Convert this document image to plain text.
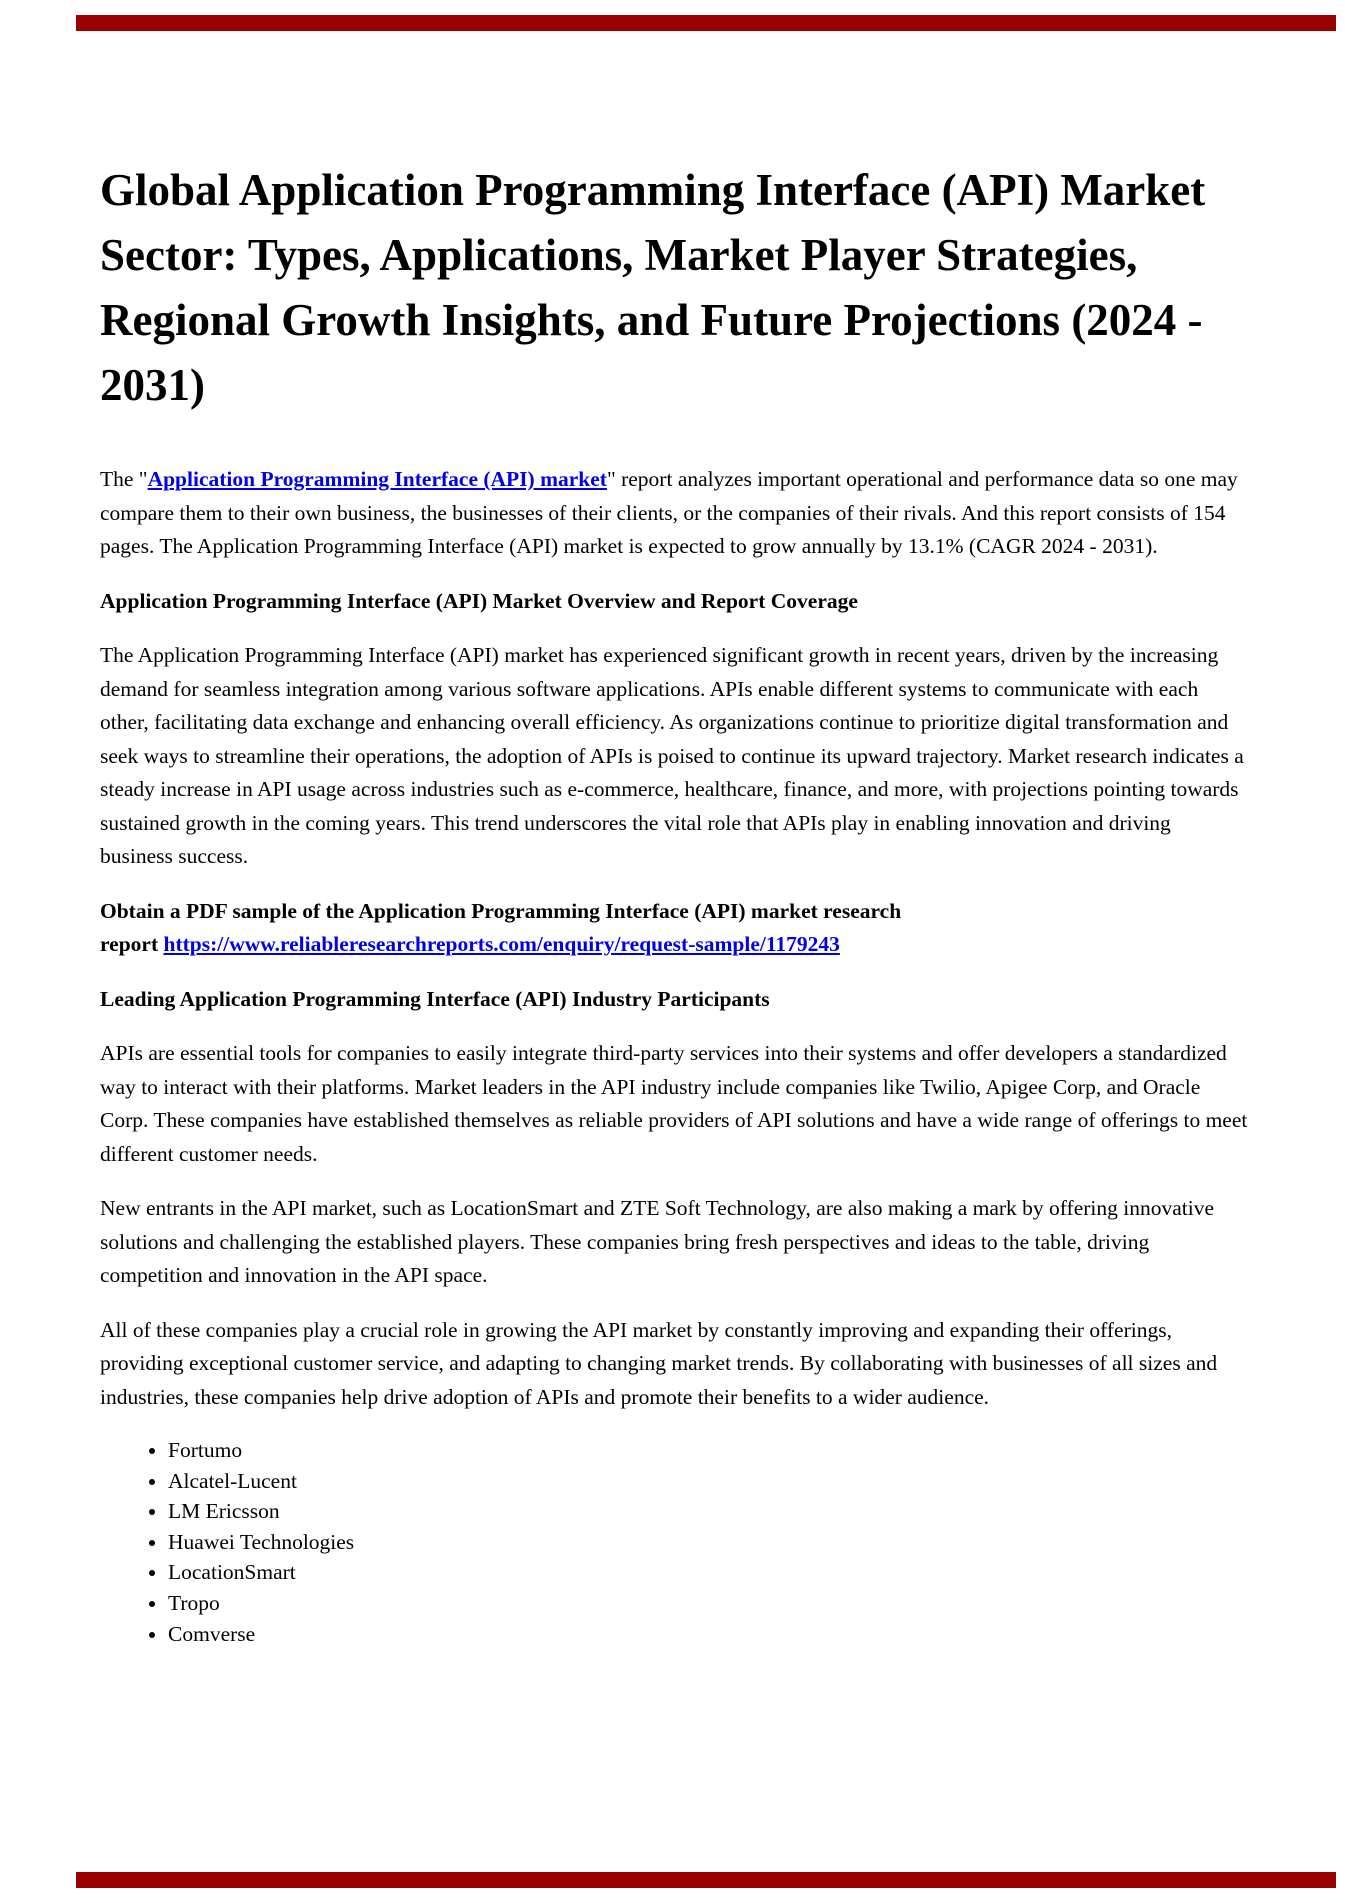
Global Application Programming Interface (API) Market Sector: Types, Applications, Market Player Strategies, Regional Growth Insights, and Future Projections (2024 - 2031)

The "Application Programming Interface (API) market" report analyzes important operational and performance data so one may compare them to their own business, the businesses of their clients, or the companies of their rivals. And this report consists of 154 pages. The Application Programming Interface (API) market is expected to grow annually by 13.1% (CAGR 2024 - 2031).

Application Programming Interface (API) Market Overview and Report Coverage

The Application Programming Interface (API) market has experienced significant growth in recent years, driven by the increasing demand for seamless integration among various software applications. APIs enable different systems to communicate with each other, facilitating data exchange and enhancing overall efficiency. As organizations continue to prioritize digital transformation and seek ways to streamline their operations, the adoption of APIs is poised to continue its upward trajectory. Market research indicates a steady increase in API usage across industries such as e-commerce, healthcare, finance, and more, with projections pointing towards sustained growth in the coming years. This trend underscores the vital role that APIs play in enabling innovation and driving business success.

Obtain a PDF sample of the Application Programming Interface (API) market research
report https://www.reliableresearchreports.com/enquiry/request-sample/1179243

Leading Application Programming Interface (API) Industry Participants

APIs are essential tools for companies to easily integrate third-party services into their systems and offer developers a standardized way to interact with their platforms. Market leaders in the API industry include companies like Twilio, Apigee Corp, and Oracle Corp. These companies have established themselves as reliable providers of API solutions and have a wide range of offerings to meet different customer needs.

New entrants in the API market, such as LocationSmart and ZTE Soft Technology, are also making a mark by offering innovative solutions and challenging the established players. These companies bring fresh perspectives and ideas to the table, driving competition and innovation in the API space.

All of these companies play a crucial role in growing the API market by constantly improving and expanding their offerings, providing exceptional customer service, and adapting to changing market trends. By collaborating with businesses of all sizes and industries, these companies help drive adoption of APIs and promote their benefits to a wider audience.

• Fortumo
• Alcatel-Lucent
• LM Ericsson
• Huawei Technologies
• LocationSmart
• Tropo
• Comverse
